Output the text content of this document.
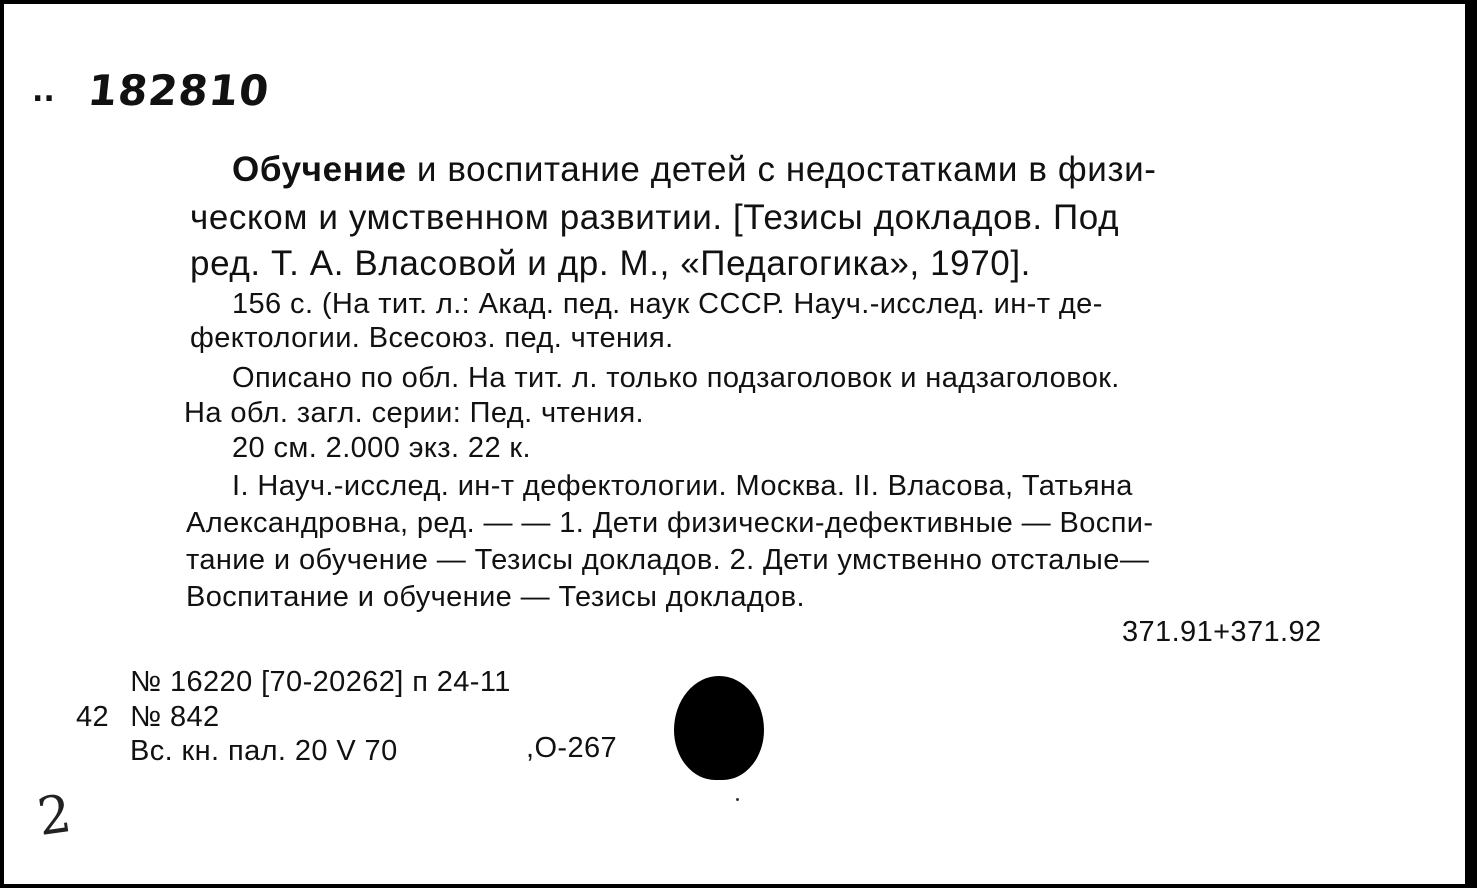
.. 182810
Обучение и воспитание детей с недостатками в физи-
ческом и умственном развитии. [Тезисы докладов. Под
ред. Т. А. Власовой и др. М., «Педагогика», 1970].
156 с. (На тит. л.: Акад. пед. наук СССР. Науч.-исслед. ин-т де-
фектологии. Всесоюз. пед. чтения.
Описано по обл. На тит. л. только подзаголовок и надзаголовок.
На обл. загл. серии: Пед. чтения.
20 см. 2.000 экз. 22 к.
I. Науч.-исслед. ин-т дефектологии. Москва. II. Власова, Татьяна
Александровна, ред. — — 1. Дети физически-дефективные — Воспи-
тание и обучение — Тезисы докладов. 2. Дети умственно отсталые—
Воспитание и обучение — Тезисы докладов.
371.91+371.92
№ 16220 [70-20262] п 24-11
42 № 842
Вс. кн. пал. 20 V 70	,О-267
2
